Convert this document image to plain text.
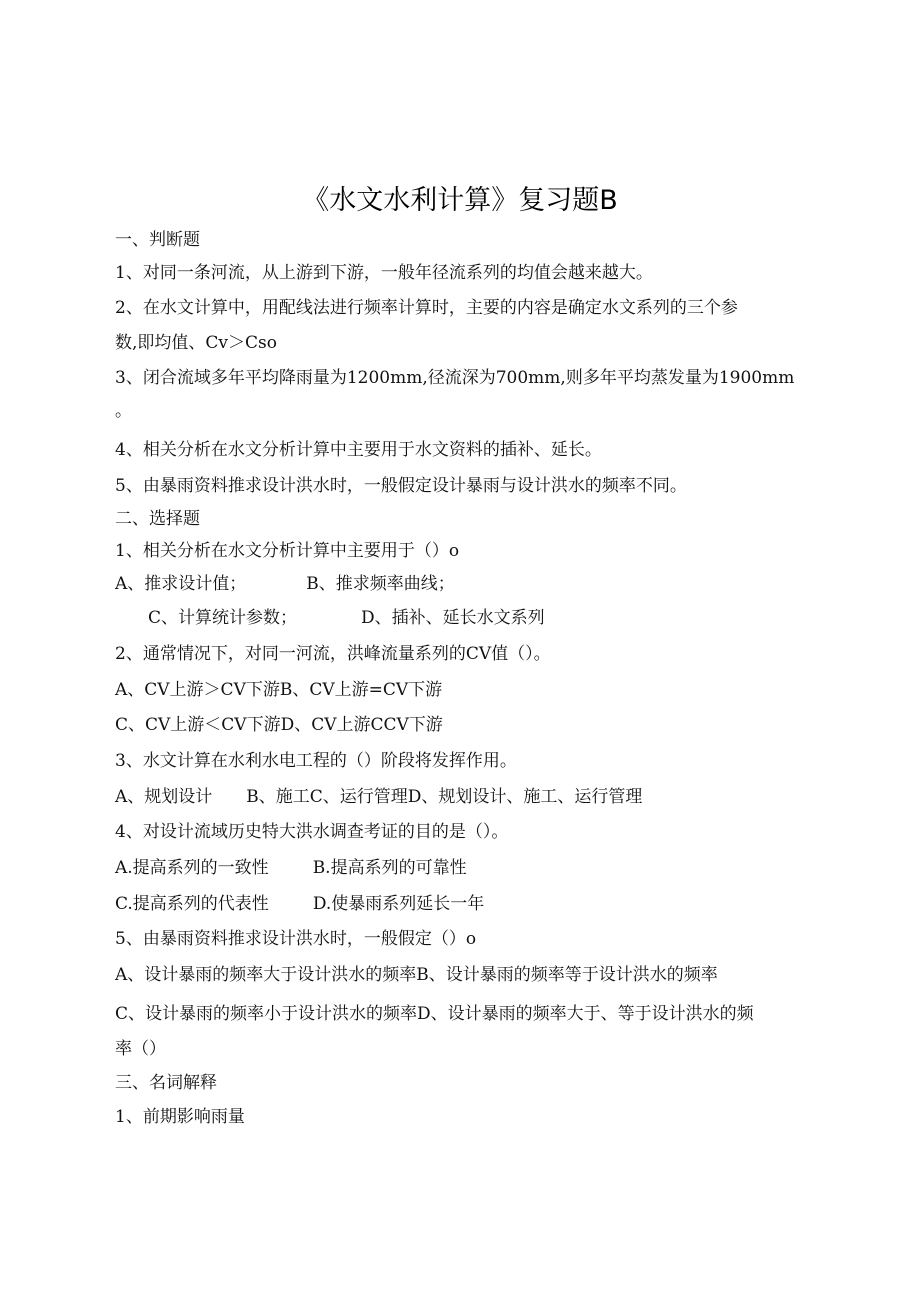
《水文水利计算》复习题B
一、判断题
1、对同一条河流，从上游到下游，一般年径流系列的均值会越来越大。
2、在水文计算中，用配线法进行频率计算时，主要的内容是确定水文系列的三个参
数,即均值、Cv＞Cso
3、闭合流域多年平均降雨量为1200mm,径流深为700mm,则多年平均蒸发量为1900mm
。
4、相关分析在水文分析计算中主要用于水文资料的插补、延长。
5、由暴雨资料推求设计洪水时，一般假定设计暴雨与设计洪水的频率不同。
二、选择题
1、相关分析在水文分析计算中主要用于（）o
A、推求设计值；	B、推求频率曲线；
C、计算统计参数；	D、插补、延长水文系列
2、通常情况下，对同一河流，洪峰流量系列的CV值（）。
A、CV上游＞CV下游B、CV上游=CV下游
C、CV上游＜CV下游D、CV上游CCV下游
3、水文计算在水利水电工程的（）阶段将发挥作用。
A、规划设计 B、施工C、运行管理D、规划设计、施工、运行管理
4、对设计流域历史特大洪水调查考证的目的是（）。
A.提高系列的一致性	B.提高系列的可靠性
C.提高系列的代表性	D.使暴雨系列延长一年
5、由暴雨资料推求设计洪水时，一般假定（）o
A、设计暴雨的频率大于设计洪水的频率B、设计暴雨的频率等于设计洪水的频率
C、设计暴雨的频率小于设计洪水的频率D、设计暴雨的频率大于、等于设计洪水的频
率（）
三、名词解释
1、前期影响雨量
